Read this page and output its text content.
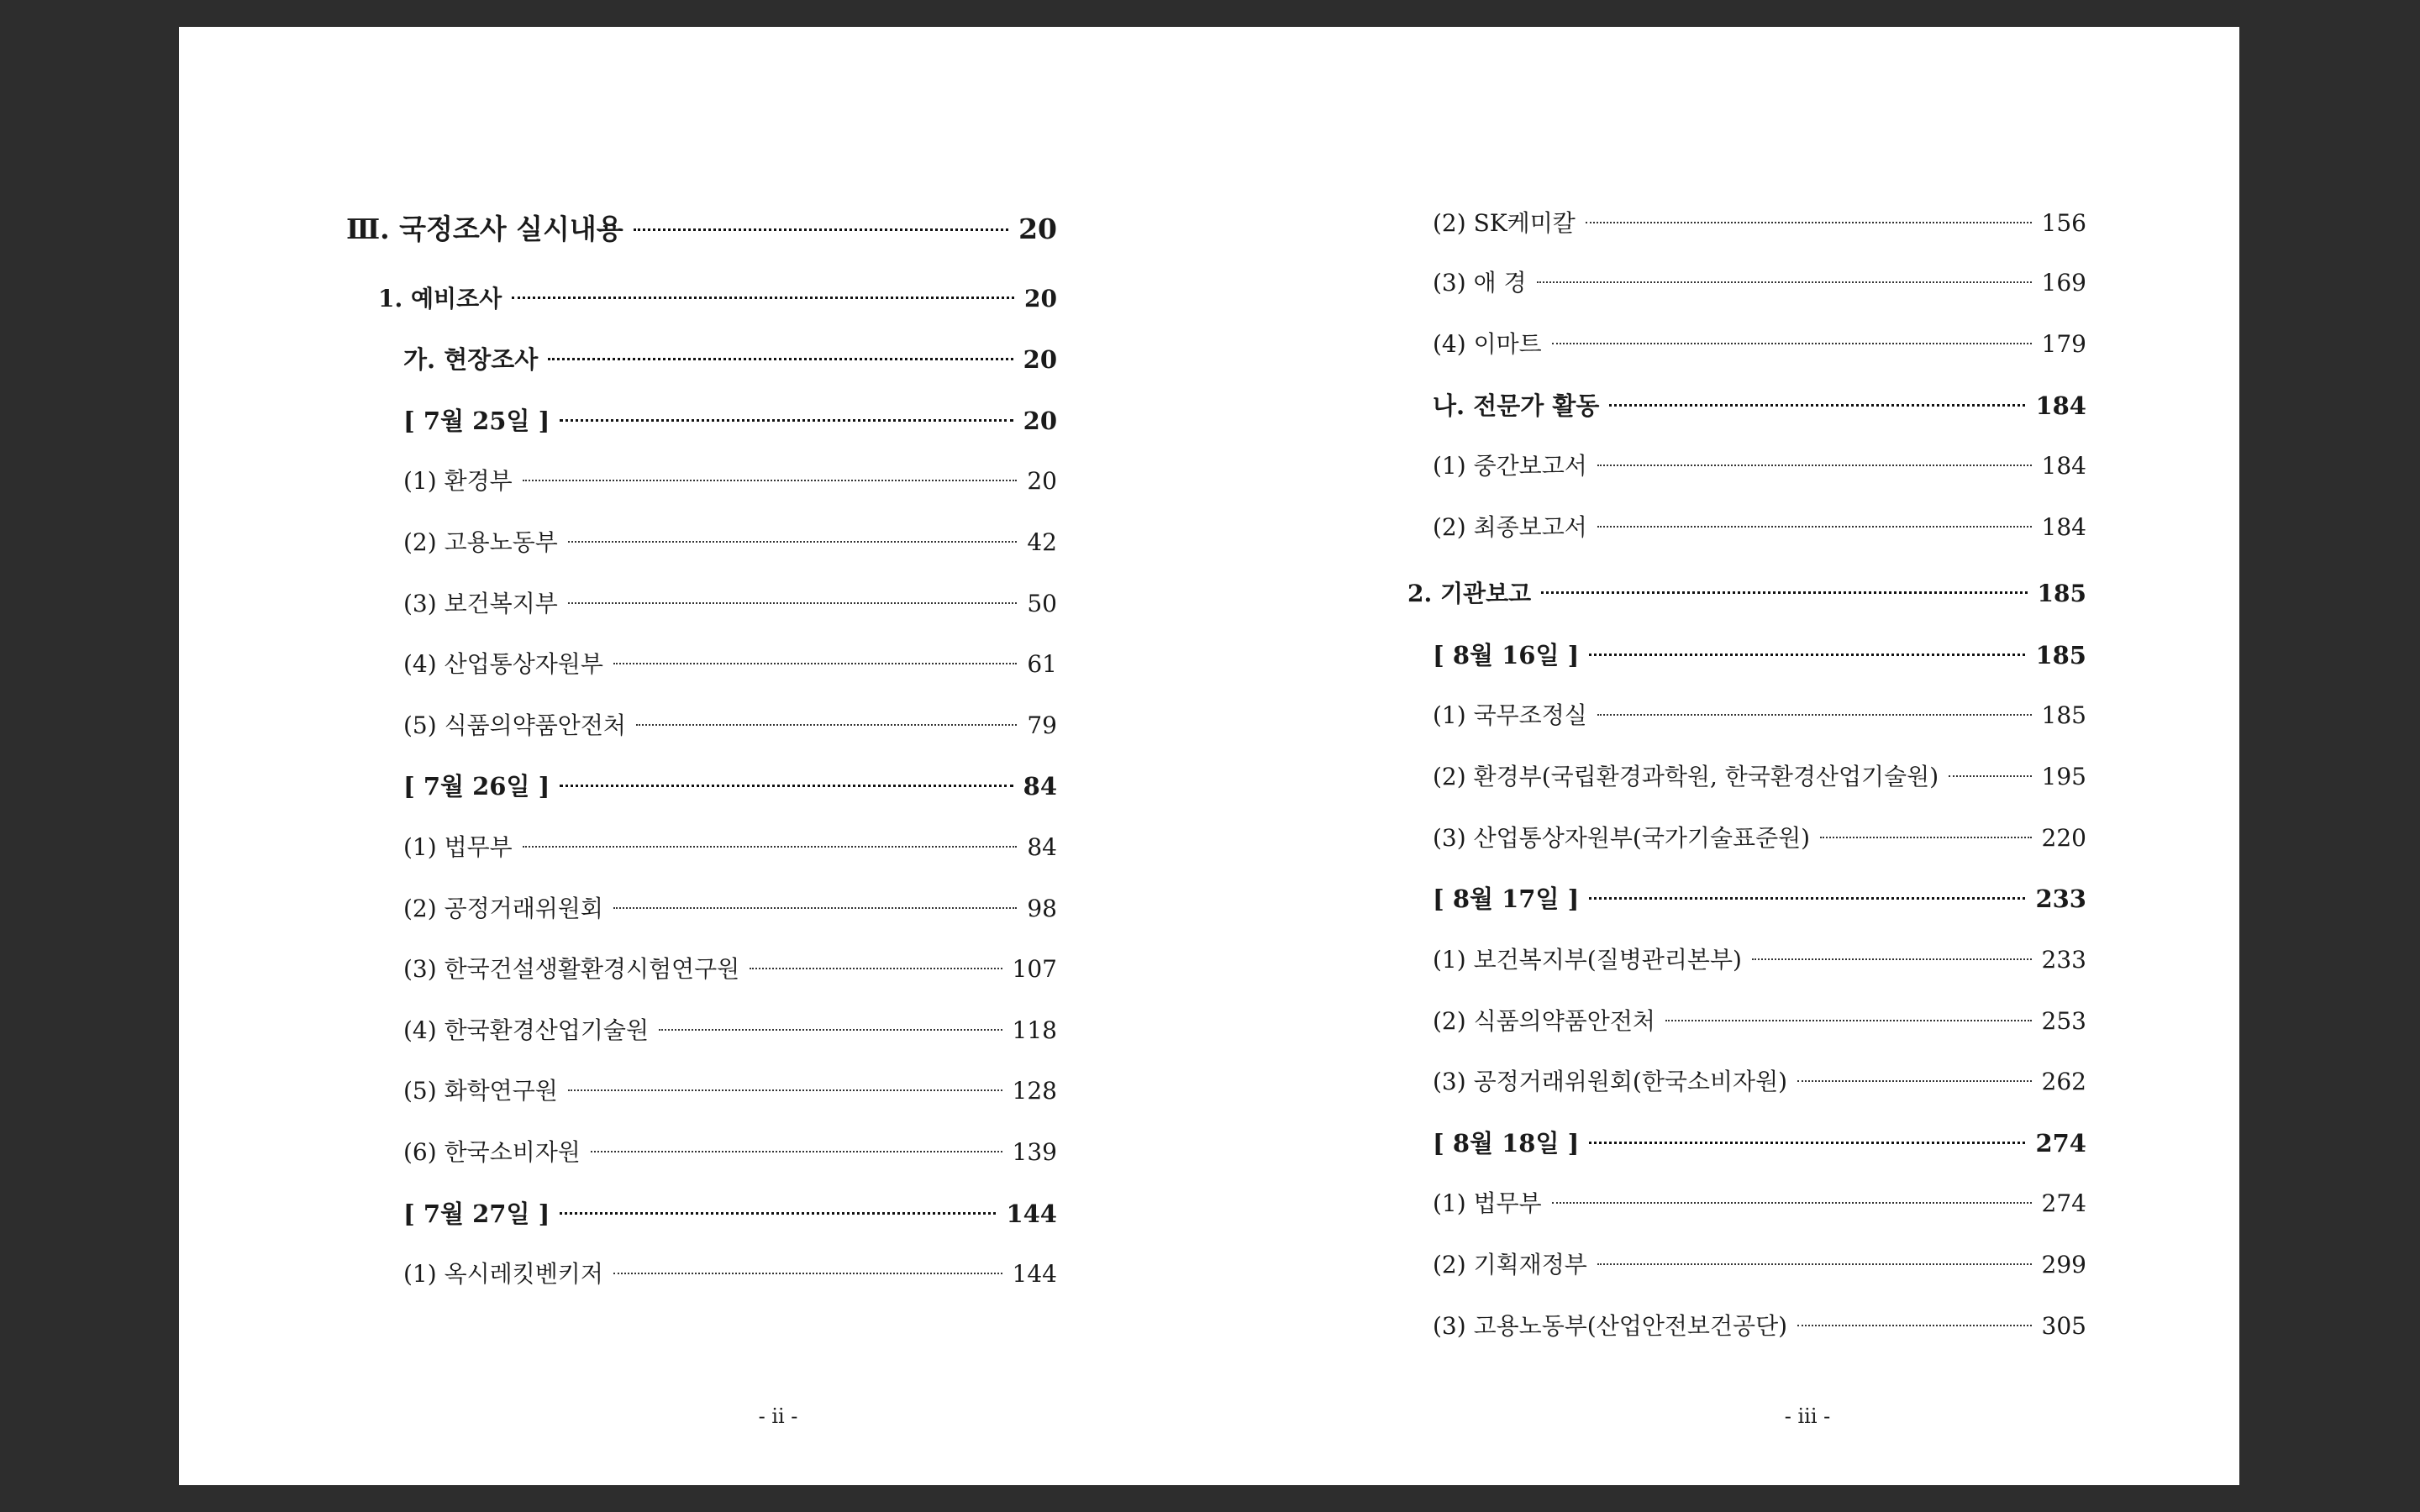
Ⅲ. 국정조사 실시내용	20
1. 예비조사	20
가. 현장조사	20
[ 7월 25일 ]	20
(1) 환경부	20
(2) 고용노동부	42
(3) 보건복지부	50
(4) 산업통상자원부	61
(5) 식품의약품안전처	79
[ 7월 26일 ]	84
(1) 법무부	84
(2) 공정거래위원회	98
(3) 한국건설생활환경시험연구원	107
(4) 한국환경산업기술원	118
(5) 화학연구원	128
(6) 한국소비자원	139
[ 7월 27일 ]	144
(1) 옥시레킷벤키저	144
(2) SK케미칼	156
(3) 애 경	169
(4) 이마트	179
나. 전문가 활동	184
(1) 중간보고서	184
(2) 최종보고서	184
2. 기관보고	185
[ 8월 16일 ]	185
(1) 국무조정실	185
(2) 환경부(국립환경과학원, 한국환경산업기술원)	195
(3) 산업통상자원부(국가기술표준원)	220
[ 8월 17일 ]	233
(1) 보건복지부(질병관리본부)	233
(2) 식품의약품안전처	253
(3) 공정거래위원회(한국소비자원)	262
[ 8월 18일 ]	274
(1) 법무부	274
(2) 기획재정부	299
(3) 고용노동부(산업안전보건공단)	305
- ii -	- iii -
